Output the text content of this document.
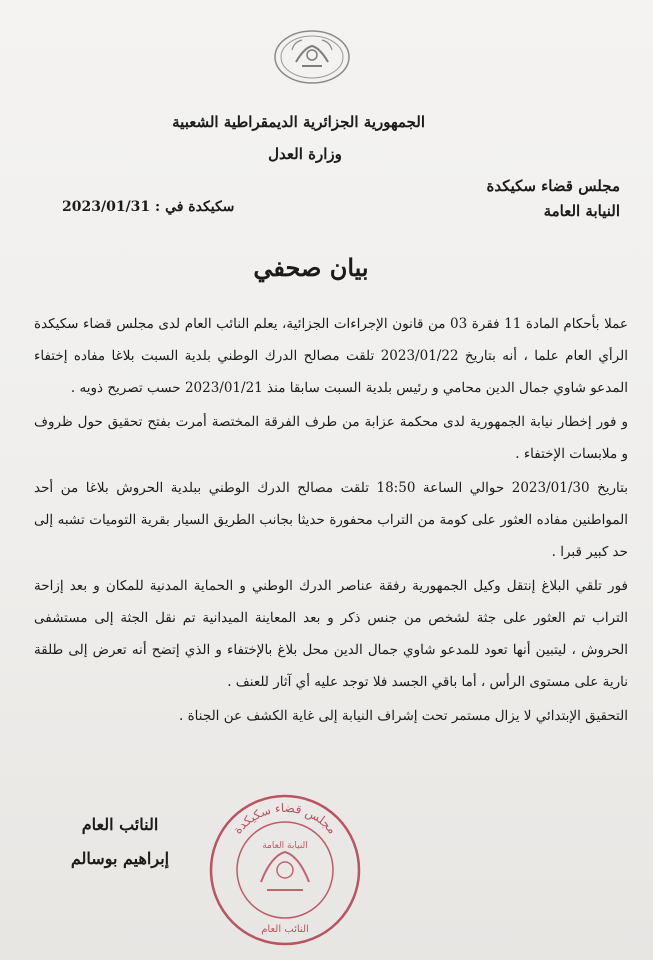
الجمهورية الجزائرية الديمقراطية الشعبية
وزارة العدل
مجلس قضاء سكيكدة
النيابة العامة
سكيكدة في : 2023/01/31
بيان صحفي

عملا بأحكام المادة 11 فقرة 03 من قانون الإجراءات الجزائية، يعلم النائب العام لدى مجلس قضاء سكيكدة الرأي العام علما ، أنه بتاريخ 2023/01/22 تلقت مصالح الدرك الوطني بلدية السبت بلاغا مفاده إختفاء المدعو شاوي جمال الدين محامي و رئيس بلدية السبت سابقا منذ 2023/01/21 حسب تصريح ذويه .

و فور إخطار نيابة الجمهورية لدى محكمة عزابة من طرف الفرقة المختصة أمرت بفتح تحقيق حول ظروف و ملابسات الإختفاء .

بتاريخ 2023/01/30 حوالي الساعة 18:50 تلقت مصالح الدرك الوطني ببلدية الحروش بلاغا من أحد المواطنين مفاده العثور على كومة من التراب محفورة حديثا بجانب الطريق السيار بقرية التوميات تشبه إلى حد كبير قبرا .

فور تلقي البلاغ إنتقل وكيل الجمهورية رفقة عناصر الدرك الوطني و الحماية المدنية للمكان و بعد إزاحة التراب تم العثور على جثة لشخص من جنس ذكر و بعد المعاينة الميدانية تم نقل الجثة إلى مستشفى الحروش ، ليتبين أنها تعود للمدعو شاوي جمال الدين محل بلاغ بالإختفاء و الذي إتضح أنه تعرض إلى طلقة نارية على مستوى الرأس ، أما باقي الجسد فلا توجد عليه أي آثار للعنف .

التحقيق الإبتدائي لا يزال مستمر تحت إشراف النيابة إلى غاية الكشف عن الجناة .

النائب العام
إبراهيم بوسالم
مجلس قضاء سكيكدة
النيابة العامة
النائب العام
